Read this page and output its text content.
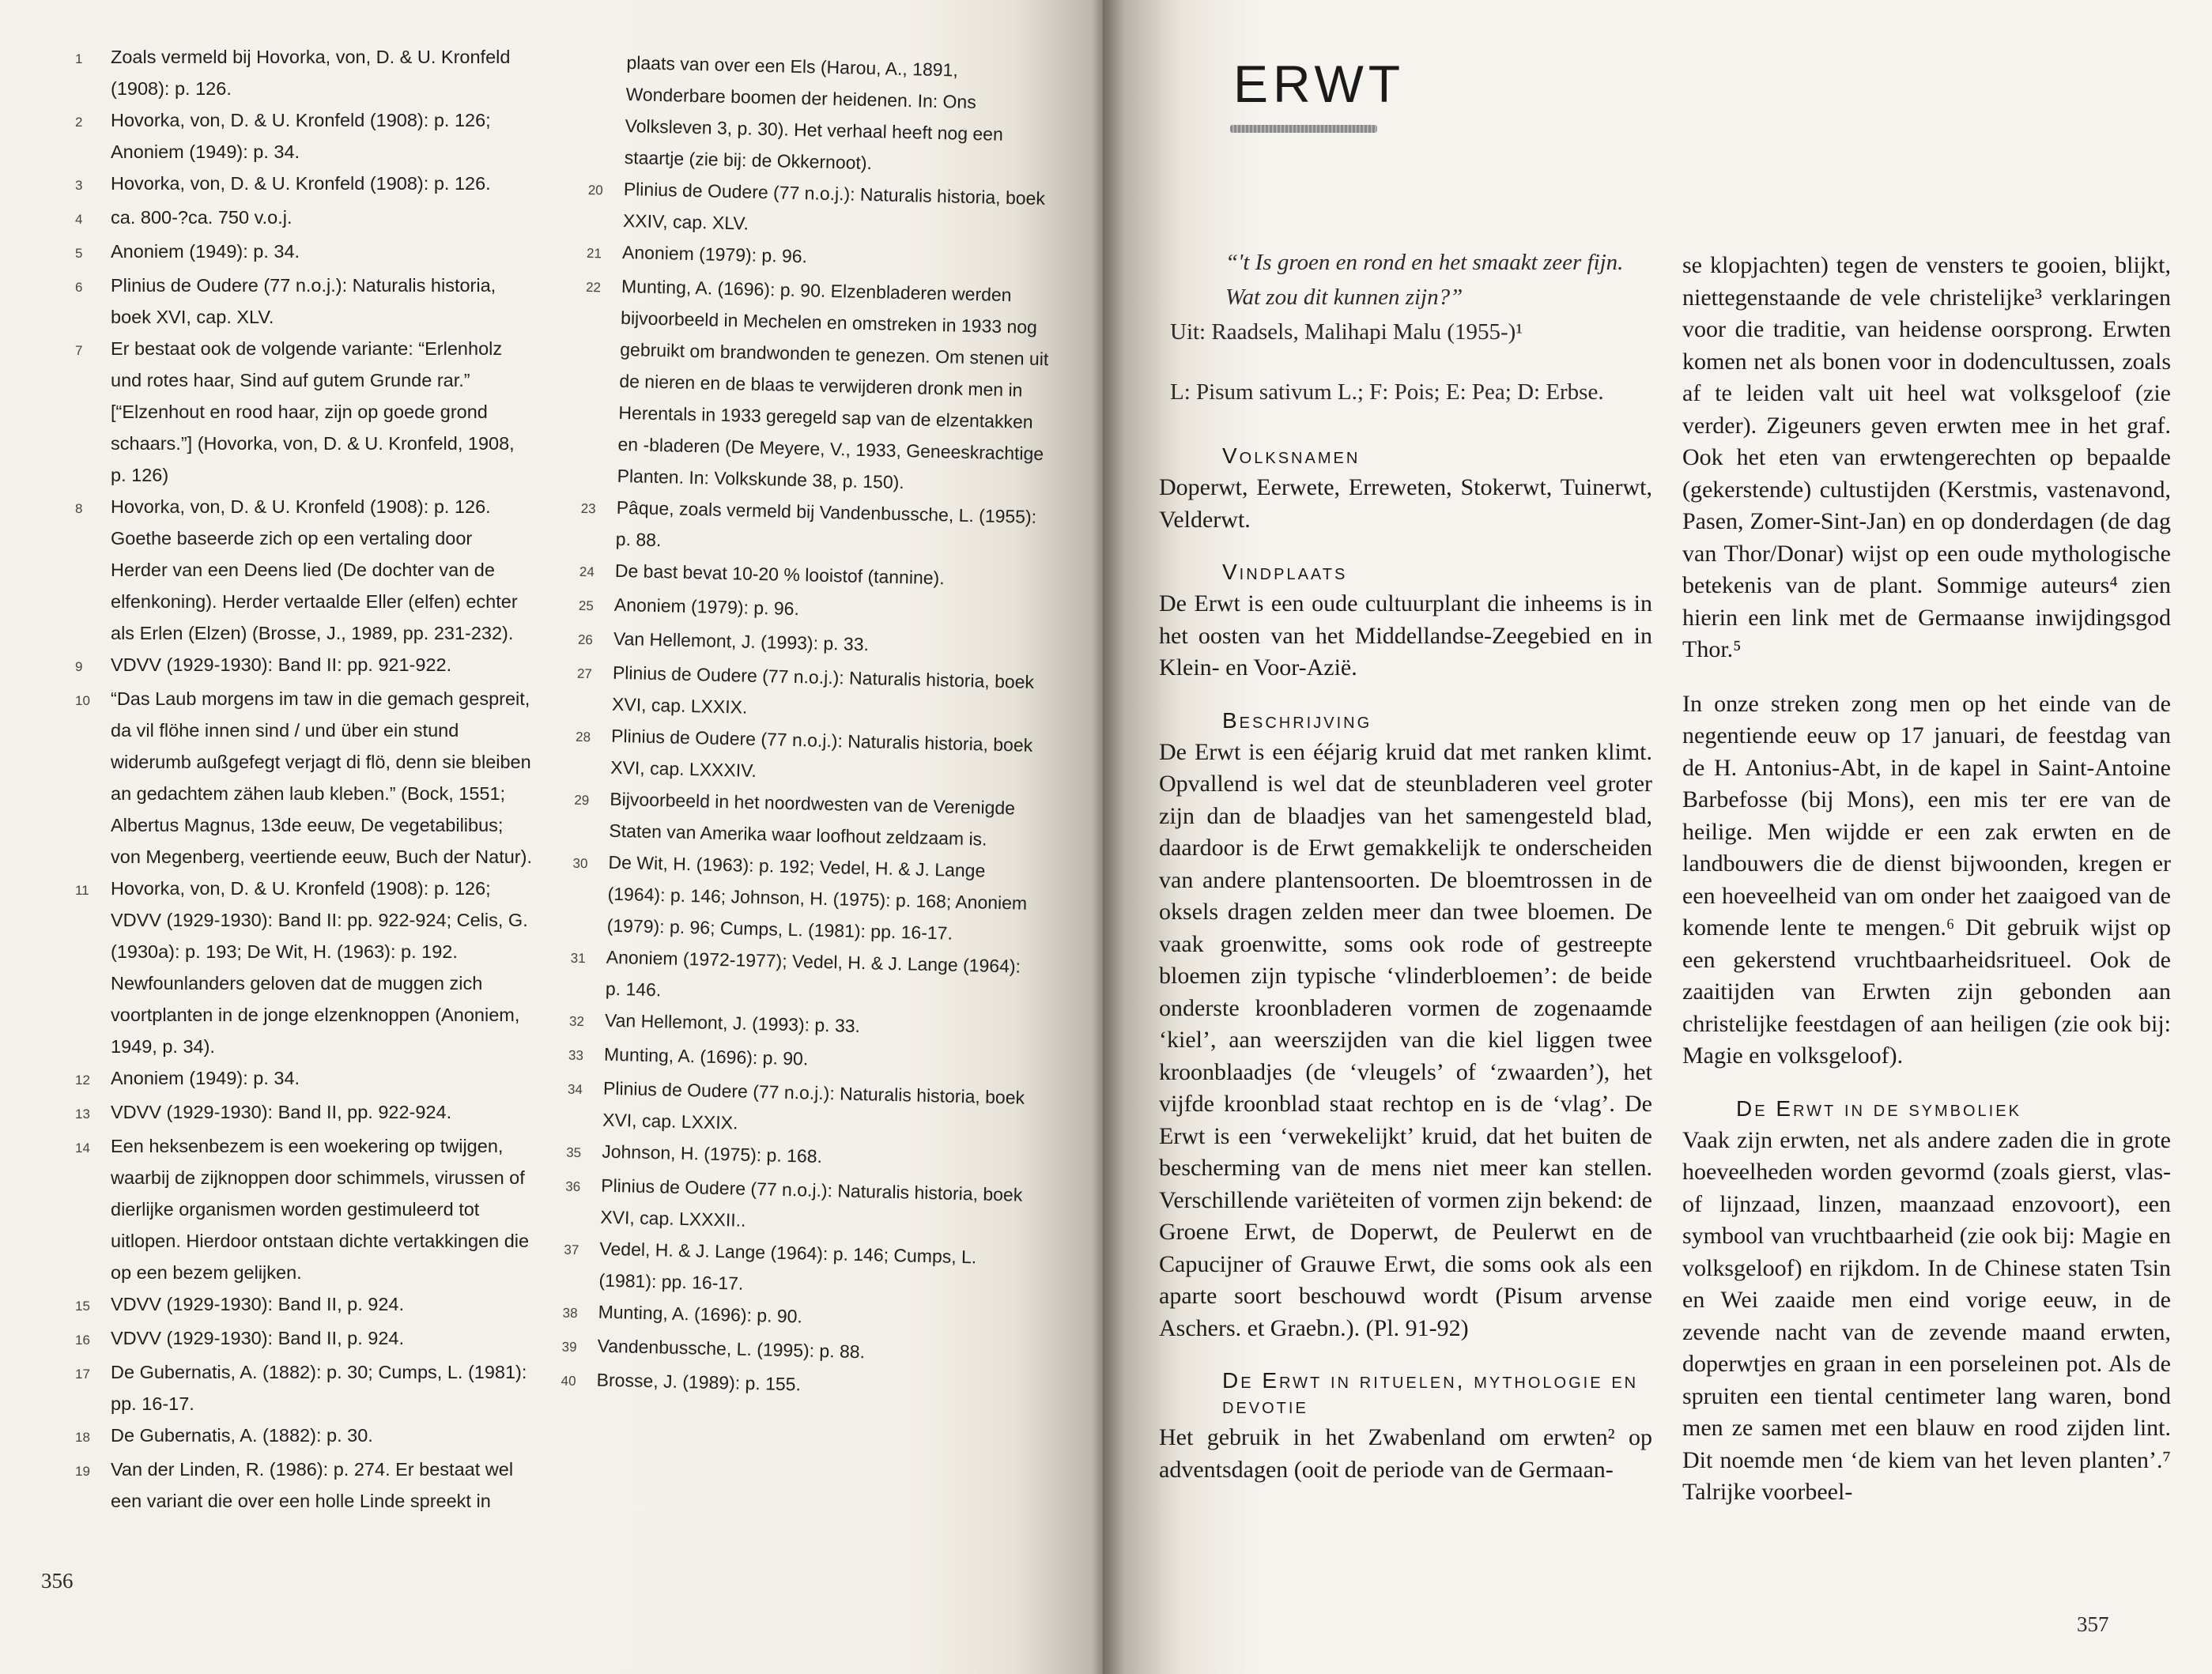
1	Zoals vermeld bij Hovorka, von, D. & U. Kronfeld (1908): p. 126.
2	Hovorka, von, D. & U. Kronfeld (1908): p. 126; Anoniem (1949): p. 34.
3	Hovorka, von, D. & U. Kronfeld (1908): p. 126.
4	ca. 800-?ca. 750 v.o.j.
5	Anoniem (1949): p. 34.
6	Plinius de Oudere (77 n.o.j.): Naturalis historia, boek XVI, cap. XLV.
7	Er bestaat ook de volgende variante: “Erlenholz und rotes haar, Sind auf gutem Grunde rar.” [“Elzenhout en rood haar, zijn op goede grond schaars.”] (Hovorka, von, D. & U. Kronfeld, 1908, p. 126)
8	Hovorka, von, D. & U. Kronfeld (1908): p. 126. Goethe baseerde zich op een vertaling door Herder van een Deens lied (De dochter van de elfenkoning). Herder vertaalde Eller (elfen) echter als Erlen (Elzen) (Brosse, J., 1989, pp. 231-232).
9	VDVV (1929-1930): Band II: pp. 921-922.
10	“Das Laub morgens im taw in die gemach gespreit, da vil flöhe innen sind / und über ein stund widerumb außgefegt verjagt di flö, denn sie bleiben an gedachtem zähen laub kleben.” (Bock, 1551; Albertus Magnus, 13de eeuw, De vegetabilibus; von Megenberg, veertiende eeuw, Buch der Natur).
11	Hovorka, von, D. & U. Kronfeld (1908): p. 126; VDVV (1929-1930): Band II: pp. 922-924; Celis, G. (1930a): p. 193; De Wit, H. (1963): p. 192. Newfounlanders geloven dat de muggen zich voortplanten in de jonge elzenknoppen (Anoniem, 1949, p. 34).
12	Anoniem (1949): p. 34.
13	VDVV (1929-1930): Band II, pp. 922-924.
14	Een heksenbezem is een woekering op twijgen, waarbij de zijknoppen door schimmels, virussen of dierlijke organismen worden gestimuleerd tot uitlopen. Hierdoor ontstaan dichte vertakkingen die op een bezem gelijken.
15	VDVV (1929-1930): Band II, p. 924.
16	VDVV (1929-1930): Band II, p. 924.
17	De Gubernatis, A. (1882): p. 30; Cumps, L. (1981): pp. 16-17.
18	De Gubernatis, A. (1882): p. 30.
19	Van der Linden, R. (1986): p. 274. Er bestaat wel een variant die over een holle Linde spreekt in
plaats van over een Els (Harou, A., 1891, Wonderbare boomen der heidenen. In: Ons Volksleven 3, p. 30). Het verhaal heeft nog een staartje (zie bij: de Okkernoot).
20	Plinius de Oudere (77 n.o.j.): Naturalis historia, boek XXIV, cap. XLV.
21	Anoniem (1979): p. 96.
22	Munting, A. (1696): p. 90. Elzenbladeren werden bijvoorbeeld in Mechelen en omstreken in 1933 nog gebruikt om brandwonden te genezen. Om stenen uit de nieren en de blaas te verwijderen dronk men in Herentals in 1933 geregeld sap van de elzentakken en -bladeren (De Meyere, V., 1933, Geneeskrachtige Planten. In: Volkskunde 38, p. 150).
23	Pâque, zoals vermeld bij Vandenbussche, L. (1955): p. 88.
24	De bast bevat 10-20 % looistof (tannine).
25	Anoniem (1979): p. 96.
26	Van Hellemont, J. (1993): p. 33.
27	Plinius de Oudere (77 n.o.j.): Naturalis historia, boek XVI, cap. LXXIX.
28	Plinius de Oudere (77 n.o.j.): Naturalis historia, boek XVI, cap. LXXXIV.
29	Bijvoorbeeld in het noordwesten van de Verenigde Staten van Amerika waar loofhout zeldzaam is.
30	De Wit, H. (1963): p. 192; Vedel, H. & J. Lange (1964): p. 146; Johnson, H. (1975): p. 168; Anoniem (1979): p. 96; Cumps, L. (1981): pp. 16-17.
31	Anoniem (1972-1977); Vedel, H. & J. Lange (1964): p. 146.
32	Van Hellemont, J. (1993): p. 33.
33	Munting, A. (1696): p. 90.
34	Plinius de Oudere (77 n.o.j.): Naturalis historia, boek XVI, cap. LXXIX.
35	Johnson, H. (1975): p. 168.
36	Plinius de Oudere (77 n.o.j.): Naturalis historia, boek XVI, cap. LXXXII..
37	Vedel, H. & J. Lange (1964): p. 146; Cumps, L. (1981): pp. 16-17.
38	Munting, A. (1696): p. 90.
39	Vandenbussche, L. (1995): p. 88.
40	Brosse, J. (1989): p. 155.
356
357
ERWT
“'t Is groen en rond en het smaakt zeer fijn.
Wat zou dit kunnen zijn?”
Uit: Raadsels, Malihapi Malu (1955-)¹
L: Pisum sativum L.; F: Pois; E: Pea; D: Erbse.
Volksnamen
Doperwt, Eerwete, Erreweten, Stokerwt, Tuinerwt, Velderwt.
Vindplaats
De Erwt is een oude cultuurplant die inheems is in het oosten van het Middellandse-Zeegebied en in Klein- en Voor-Azië.
Beschrijving
De Erwt is een ééjarig kruid dat met ranken klimt. Opvallend is wel dat de steunbladeren veel groter zijn dan de blaadjes van het samengesteld blad, daardoor is de Erwt gemakkelijk te onderscheiden van andere plantensoorten. De bloemtrossen in de oksels dragen zelden meer dan twee bloemen. De vaak groenwitte, soms ook rode of gestreepte bloemen zijn typische ‘vlinderbloemen’: de beide onderste kroonbladeren vormen de zogenaamde ‘kiel’, aan weerszijden van die kiel liggen twee kroonblaadjes (de ‘vleugels’ of ‘zwaarden’), het vijfde kroonblad staat rechtop en is de ‘vlag’. De Erwt is een ‘verwekelijkt’ kruid, dat het buiten de bescherming van de mens niet meer kan stellen. Verschillende variëteiten of vormen zijn bekend: de Groene Erwt, de Doperwt, de Peulerwt en de Capucijner of Grauwe Erwt, die soms ook als een aparte soort beschouwd wordt (Pisum arvense Aschers. et Graebn.). (Pl. 91-92)
De Erwt in rituelen, mythologie en devotie
Het gebruik in het Zwabenland om erwten² op adventsdagen (ooit de periode van de Germaan-
se klopjachten) tegen de vensters te gooien, blijkt, niettegenstaande de vele christelijke³ verklaringen voor die traditie, van heidense oorsprong. Erwten komen net als bonen voor in dodencultussen, zoals af te leiden valt uit heel wat volksgeloof (zie verder). Zigeuners geven erwten mee in het graf. Ook het eten van erwtengerechten op bepaalde (gekerstende) cultustijden (Kerstmis, vastenavond, Pasen, Zomer-Sint-Jan) en op donderdagen (de dag van Thor/Donar) wijst op een oude mythologische betekenis van de plant. Sommige auteurs⁴ zien hierin een link met de Germaanse inwijdingsgod Thor.⁵
In onze streken zong men op het einde van de negentiende eeuw op 17 januari, de feestdag van de H. Antonius-Abt, in de kapel in Saint-Antoine Barbefosse (bij Mons), een mis ter ere van de heilige. Men wijdde er een zak erwten en de landbouwers die de dienst bijwoonden, kregen er een hoeveelheid van om onder het zaaigoed van de komende lente te mengen.⁶ Dit gebruik wijst op een gekerstend vruchtbaarheidsritueel. Ook de zaaitijden van Erwten zijn gebonden aan christelijke feestdagen of aan heiligen (zie ook bij: Magie en volksgeloof).
De Erwt in de symboliek
Vaak zijn erwten, net als andere zaden die in grote hoeveelheden worden gevormd (zoals gierst, vlas- of lijnzaad, linzen, maanzaad enzovoort), een symbool van vruchtbaarheid (zie ook bij: Magie en volksgeloof) en rijkdom. In de Chinese staten Tsin en Wei zaaide men eind vorige eeuw, in de zevende nacht van de zevende maand erwten, doperwtjes en graan in een porseleinen pot. Als de spruiten een tiental centimeter lang waren, bond men ze samen met een blauw en rood zijden lint. Dit noemde men ‘de kiem van het leven planten’.⁷ Talrijke voorbeel-
